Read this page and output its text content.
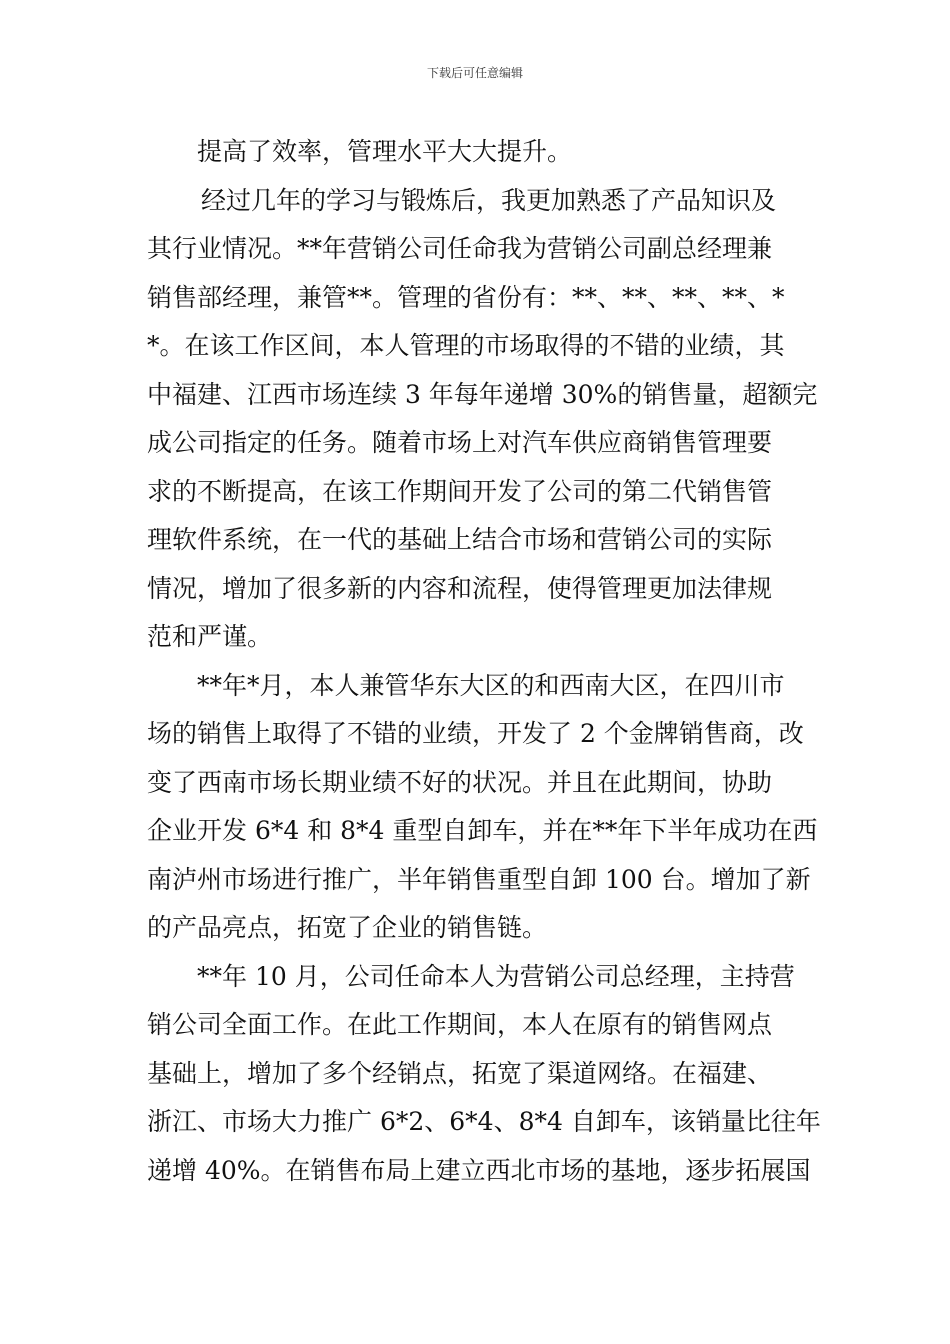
下载后可任意编辑
提高了效率，管理水平大大提升。
经过几年的学习与锻炼后，我更加熟悉了产品知识及
其行业情况。**年营销公司任命我为营销公司副总经理兼
销售部经理，兼管**。管理的省份有：**、**、**、**、*
*。在该工作区间，本人管理的市场取得的不错的业绩，其
中福建、江西市场连续 3 年每年递增 30%的销售量，超额完
成公司指定的任务。随着市场上对汽车供应商销售管理要
求的不断提高，在该工作期间开发了公司的第二代销售管
理软件系统，在一代的基础上结合市场和营销公司的实际
情况，增加了很多新的内容和流程，使得管理更加法律规
范和严谨。
**年*月，本人兼管华东大区的和西南大区，在四川市
场的销售上取得了不错的业绩，开发了 2 个金牌销售商，改
变了西南市场长期业绩不好的状况。并且在此期间，协助
企业开发 6*4 和 8*4 重型自卸车，并在**年下半年成功在西
南泸州市场进行推广，半年销售重型自卸 100 台。增加了新
的产品亮点，拓宽了企业的销售链。
**年 10 月，公司任命本人为营销公司总经理，主持营
销公司全面工作。在此工作期间，本人在原有的销售网点
基础上，增加了多个经销点，拓宽了渠道网络。在福建、
浙江、市场大力推广 6*2、6*4、8*4 自卸车，该销量比往年
递增 40%。在销售布局上建立西北市场的基地，逐步拓展国
